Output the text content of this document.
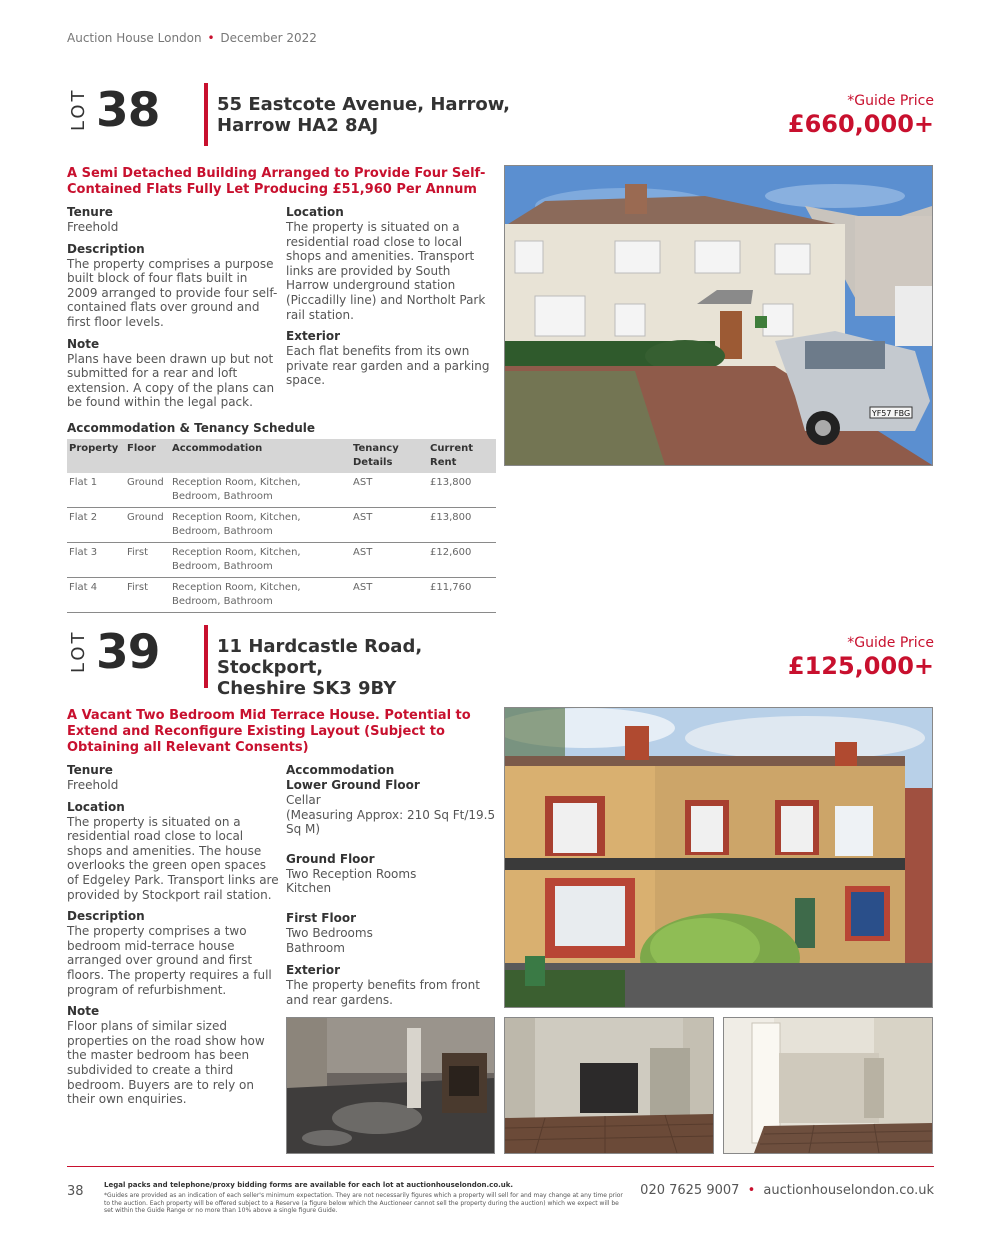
Auction House London • December 2022
LOT 38	55 Eastcote Avenue, Harrow,
Harrow HA2 8AJ
*Guide Price
£660,000+
A Semi Detached Building Arranged to Provide Four Self-Contained Flats Fully Let Producing £51,960 Per Annum
Tenure
Freehold
Description
The property comprises a purpose built block of four flats built in 2009 arranged to provide four self-contained flats over ground and first floor levels.
Note
Plans have been drawn up but not submitted for a rear and loft extension. A copy of the plans can be found within the legal pack.
Location
The property is situated on a residential road close to local shops and amenities. Transport links are provided by South Harrow underground station (Piccadilly line) and Northolt Park rail station.
Exterior
Each flat benefits from its own private rear garden and a parking space.
Accommodation & Tenancy Schedule
Property	Floor	Accommodation	Tenancy Details	Current Rent
Flat 1	Ground	Reception Room, Kitchen, Bedroom, Bathroom	AST	£13,800
Flat 2	Ground	Reception Room, Kitchen, Bedroom, Bathroom	AST	£13,800
Flat 3	First	Reception Room, Kitchen, Bedroom, Bathroom	AST	£12,600
Flat 4	First	Reception Room, Kitchen, Bedroom, Bathroom	AST	£11,760
YF57 FBG
LOT 39	11 Hardcastle Road, Stockport,
Cheshire SK3 9BY
*Guide Price
£125,000+
A Vacant Two Bedroom Mid Terrace House. Potential to Extend and Reconfigure Existing Layout (Subject to Obtaining all Relevant Consents)
Tenure
Freehold
Location
The property is situated on a residential road close to local shops and amenities. The house overlooks the green open spaces of Edgeley Park. Transport links are provided by Stockport rail station.
Description
The property comprises a two bedroom mid-terrace house arranged over ground and first floors. The property requires a full program of refurbishment.
Note
Floor plans of similar sized properties on the road show how the master bedroom has been subdivided to create a third bedroom. Buyers are to rely on their own enquiries.
Accommodation
Lower Ground Floor
Cellar
(Measuring Approx: 210 Sq Ft/19.5 Sq M)
Ground Floor
Two Reception Rooms
Kitchen
First Floor
Two Bedrooms
Bathroom
Exterior
The property benefits from front and rear gardens.
38	Legal packs and telephone/proxy bidding forms are available for each lot at auctionhouselondon.co.uk.
*Guides are provided as an indication of each seller's minimum expectation. They are not necessarily figures which a property will sell for and may change at any time prior to the auction. Each property will be offered subject to a Reserve (a figure below which the Auctioneer cannot sell the property during the auction) which we expect will be set within the Guide Range or no more than 10% above a single figure Guide.
020 7625 9007 • auctionhouselondon.co.uk
